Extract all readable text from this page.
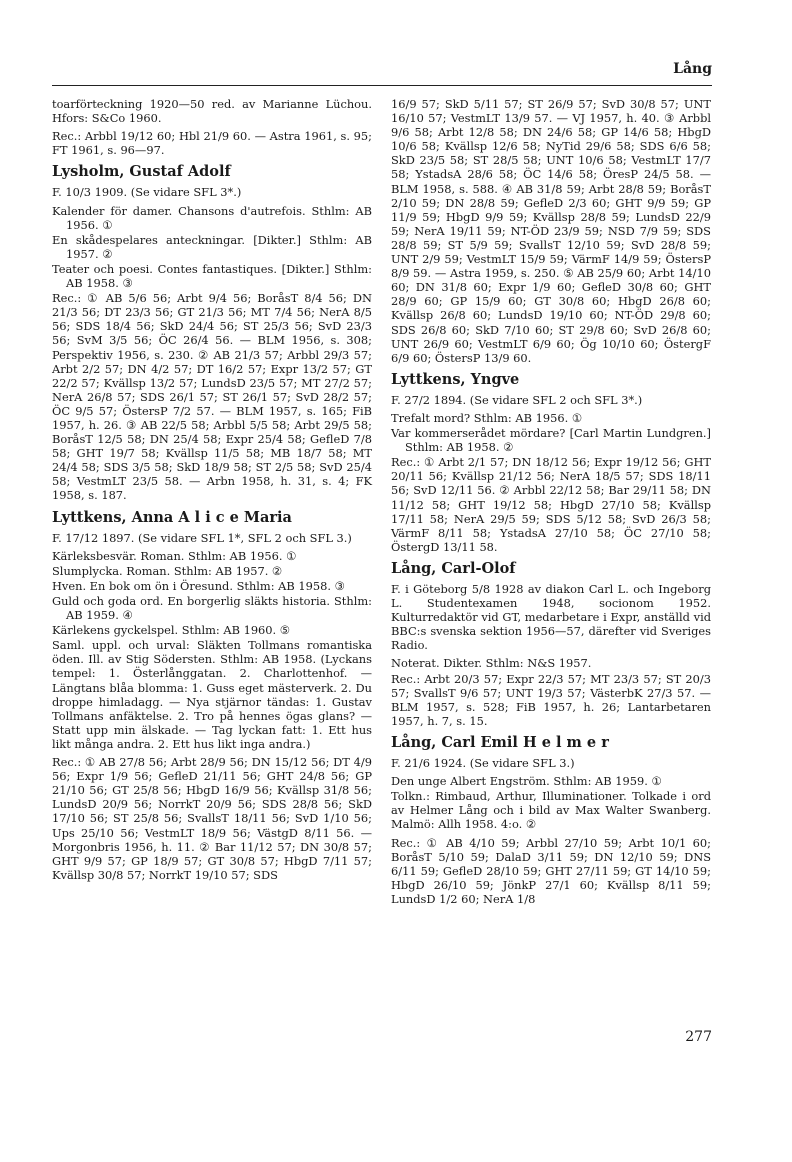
Lång

toarförteckning 1920—50 red. av Marianne Lüchou. Hfors: S&Co 1960.

Rec.: Arbbl 19/12 60; Hbl 21/9 60. — Astra 1961, s. 95; FT 1961, s. 96—97.

Lysholm, Gustaf Adolf

F. 10/3 1909. (Se vidare SFL 3*.)

Kalender för damer. Chansons d'autrefois. Sthlm: AB 1956. ①

En skådespelares anteckningar. [Dikter.] Sthlm: AB 1957. ②

Teater och poesi. Contes fantastiques. [Dikter.] Sthlm: AB 1958. ③

Rec.: ① AB 5/6 56; Arbt 9/4 56; BoråsT 8/4 56; DN 21/3 56; DT 23/3 56; GT 21/3 56; MT 7/4 56; NerA 8/5 56; SDS 18/4 56; SkD 24/4 56; ST 25/3 56; SvD 23/3 56; SvM 3/5 56; ÖC 26/4 56. — BLM 1956, s. 308; Perspektiv 1956, s. 230. ② AB 21/3 57; Arbbl 29/3 57; Arbt 2/2 57; DN 4/2 57; DT 16/2 57; Expr 13/2 57; GT 22/2 57; Kvällsp 13/2 57; LundsD 23/5 57; MT 27/2 57; NerA 26/8 57; SDS 26/1 57; ST 26/1 57; SvD 28/2 57; ÖC 9/5 57; ÖstersP 7/2 57. — BLM 1957, s. 165; FiB 1957, h. 26. ③ AB 22/5 58; Arbbl 5/5 58; Arbt 29/5 58; BoråsT 12/5 58; DN 25/4 58; Expr 25/4 58; GefleD 7/8 58; GHT 19/7 58; Kvällsp 11/5 58; MB 18/7 58; MT 24/4 58; SDS 3/5 58; SkD 18/9 58; ST 2/5 58; SvD 25/4 58; VestmLT 23/5 58. — Arbn 1958, h. 31, s. 4; FK 1958, s. 187.

Lyttkens, Anna A l i c e Maria

F. 17/12 1897. (Se vidare SFL 1*, SFL 2 och SFL 3.)

Kärleksbesvär. Roman. Sthlm: AB 1956. ①

Slumplycka. Roman. Sthlm: AB 1957. ②

Hven. En bok om ön i Öresund. Sthlm: AB 1958. ③

Guld och goda ord. En borgerlig släkts historia. Sthlm: AB 1959. ④

Kärlekens gyckelspel. Sthlm: AB 1960. ⑤

Saml. uppl. och urval: Släkten Tollmans romantiska öden. Ill. av Stig Södersten. Sthlm: AB 1958. (Lyckans tempel: 1. Österlånggatan. 2. Charlottenhof. — Längtans blåa blomma: 1. Guss eget mästerverk. 2. Du droppe himladagg. — Nya stjärnor tändas: 1. Gustav Tollmans anfäktelse. 2. Tro på hennes ögas glans? — Statt upp min älskade. — Tag lyckan fatt: 1. Ett hus likt många andra. 2. Ett hus likt inga andra.)

Rec.: ① AB 27/8 56; Arbt 28/9 56; DN 15/12 56; DT 4/9 56; Expr 1/9 56; GefleD 21/11 56; GHT 24/8 56; GP 21/10 56; GT 25/8 56; HbgD 16/9 56; Kvällsp 31/8 56; LundsD 20/9 56; NorrkT 20/9 56; SDS 28/8 56; SkD 17/10 56; ST 25/8 56; SvallsT 18/11 56; SvD 1/10 56; Ups 25/10 56; VestmLT 18/9 56; VästgD 8/11 56. — Morgonbris 1956, h. 11. ② Bar 11/12 57; DN 30/8 57; GHT 9/9 57; GP 18/9 57; GT 30/8 57; HbgD 7/11 57; Kvällsp 30/8 57; NorrkT 19/10 57; SDS

16/9 57; SkD 5/11 57; ST 26/9 57; SvD 30/8 57; UNT 16/10 57; VestmLT 13/9 57. — VJ 1957, h. 40. ③ Arbbl 9/6 58; Arbt 12/8 58; DN 24/6 58; GP 14/6 58; HbgD 10/6 58; Kvällsp 12/6 58; NyTid 29/6 58; SDS 6/6 58; SkD 23/5 58; ST 28/5 58; UNT 10/6 58; VestmLT 17/7 58; YstadsA 28/6 58; ÖC 14/6 58; ÖresP 24/5 58. — BLM 1958, s. 588. ④ AB 31/8 59; Arbt 28/8 59; BoråsT 2/10 59; DN 28/8 59; GefleD 2/3 60; GHT 9/9 59; GP 11/9 59; HbgD 9/9 59; Kvällsp 28/8 59; LundsD 22/9 59; NerA 19/11 59; NT-ÖD 23/9 59; NSD 7/9 59; SDS 28/8 59; ST 5/9 59; SvallsT 12/10 59; SvD 28/8 59; UNT 2/9 59; VestmLT 15/9 59; VärmF 14/9 59; ÖstersP 8/9 59. — Astra 1959, s. 250. ⑤ AB 25/9 60; Arbt 14/10 60; DN 31/8 60; Expr 1/9 60; GefleD 30/8 60; GHT 28/9 60; GP 15/9 60; GT 30/8 60; HbgD 26/8 60; Kvällsp 26/8 60; LundsD 19/10 60; NT-ÖD 29/8 60; SDS 26/8 60; SkD 7/10 60; ST 29/8 60; SvD 26/8 60; UNT 26/9 60; VestmLT 6/9 60; Ög 10/10 60; ÖstergF 6/9 60; ÖstersP 13/9 60.

Lyttkens, Yngve

F. 27/2 1894. (Se vidare SFL 2 och SFL 3*.)

Trefalt mord? Sthlm: AB 1956. ①

Var kommerserådet mördare? [Carl Martin Lundgren.] Sthlm: AB 1958. ②

Rec.: ① Arbt 2/1 57; DN 18/12 56; Expr 19/12 56; GHT 20/11 56; Kvällsp 21/12 56; NerA 18/5 57; SDS 18/11 56; SvD 12/11 56. ② Arbbl 22/12 58; Bar 29/11 58; DN 11/12 58; GHT 19/12 58; HbgD 27/10 58; Kvällsp 17/11 58; NerA 29/5 59; SDS 5/12 58; SvD 26/3 58; VärmF 8/11 58; YstadsA 27/10 58; ÖC 27/10 58; ÖstergD 13/11 58.

Lång, Carl-Olof

F. i Göteborg 5/8 1928 av diakon Carl L. och Ingeborg L. Studentexamen 1948, socionom 1952. Kulturredaktör vid GT, medarbetare i Expr, anställd vid BBC:s svenska sektion 1956—57, därefter vid Sveriges Radio.

Noterat. Dikter. Sthlm: N&S 1957.

Rec.: Arbt 20/3 57; Expr 22/3 57; MT 23/3 57; ST 20/3 57; SvallsT 9/6 57; UNT 19/3 57; VästerbK 27/3 57. — BLM 1957, s. 528; FiB 1957, h. 26; Lantarbetaren 1957, h. 7, s. 15.

Lång, Carl Emil H e l m e r

F. 21/6 1924. (Se vidare SFL 3.)

Den unge Albert Engström. Sthlm: AB 1959. ①

Tolkn.: Rimbaud, Arthur, Illuminationer. Tolkade i ord av Helmer Lång och i bild av Max Walter Swanberg. Malmö: Allh 1958. 4:o. ②

Rec.: ① AB 4/10 59; Arbbl 27/10 59; Arbt 10/1 60; BoråsT 5/10 59; DalaD 3/11 59; DN 12/10 59; DNS 6/11 59; GefleD 28/10 59; GHT 27/11 59; GT 14/10 59; HbgD 26/10 59; JönkP 27/1 60; Kvällsp 8/11 59; LundsD 1/2 60; NerA 1/8

277
